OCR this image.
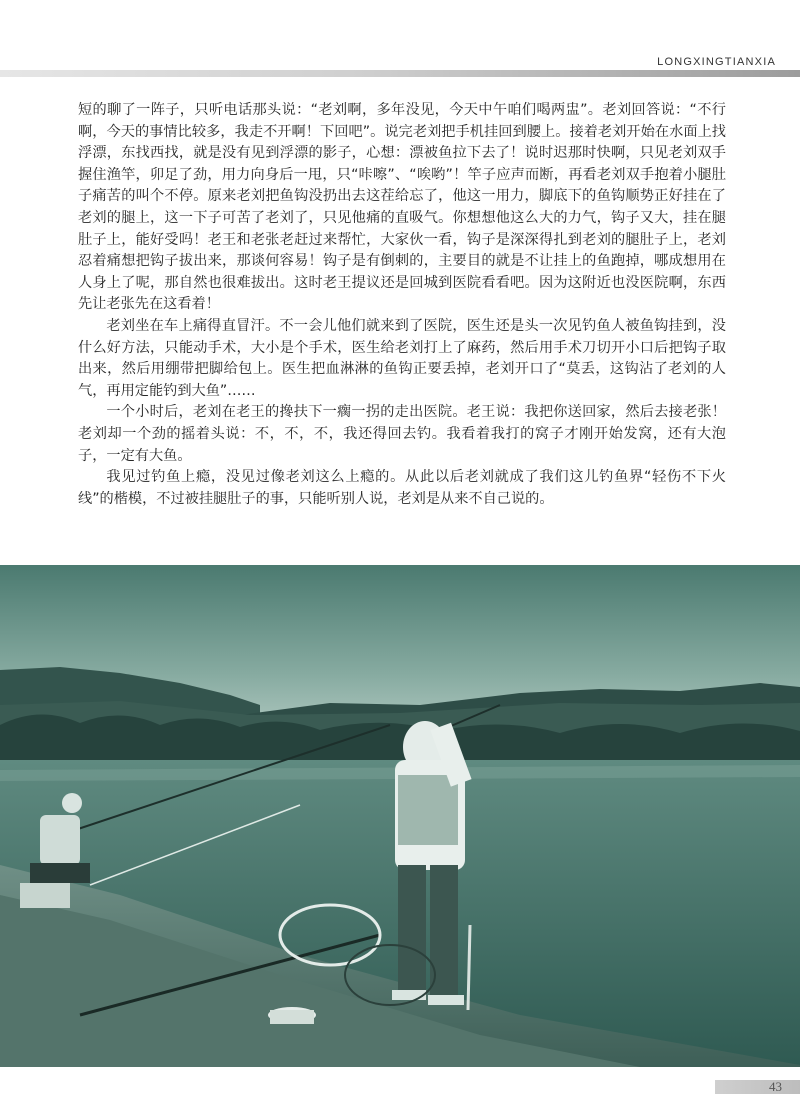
LONGXINGTIANXIA

短的聊了一阵子，只听电话那头说：“老刘啊，多年没见，今天中午咱们喝两盅”。老刘回答说：“不行啊，今天的事情比较多，我走不开啊！下回吧”。说完老刘把手机挂回到腰上。接着老刘开始在水面上找浮漂，东找西找，就是没有见到浮漂的影子，心想：漂被鱼拉下去了！说时迟那时快啊，只见老刘双手握住渔竿，卯足了劲，用力向身后一甩，只“咔嚓”、“唉哟”！竿子应声而断，再看老刘双手抱着小腿肚子痛苦的叫个不停。原来老刘把鱼钩没扔出去这茬给忘了，他这一用力，脚底下的鱼钩顺势正好挂在了老刘的腿上，这一下子可苦了老刘了，只见他痛的直吸气。你想想他这么大的力气，钩子又大，挂在腿肚子上，能好受吗！老王和老张老赶过来帮忙，大家伙一看，钩子是深深得扎到老刘的腿肚子上，老刘忍着痛想把钩子拔出来，那谈何容易！钩子是有倒刺的，主要目的就是不让挂上的鱼跑掉，哪成想用在人身上了呢，那自然也很难拔出。这时老王提议还是回城到医院看看吧。因为这附近也没医院啊，东西先让老张先在这看着！

老刘坐在车上痛得直冒汗。不一会儿他们就来到了医院，医生还是头一次见钓鱼人被鱼钩挂到，没什么好方法，只能动手术，大小是个手术，医生给老刘打上了麻药，然后用手术刀切开小口后把钩子取出来，然后用绷带把脚给包上。医生把血淋淋的鱼钩正要丢掉，老刘开口了“莫丢，这钩沾了老刘的人气，再用定能钓到大鱼”……

一个小时后，老刘在老王的搀扶下一瘸一拐的走出医院。老王说：我把你送回家，然后去接老张！老刘却一个劲的摇着头说：不，不，不，我还得回去钓。我看着我打的窝子才刚开始发窝，还有大泡子，一定有大鱼。

我见过钓鱼上瘾，没见过像老刘这么上瘾的。从此以后老刘就成了我们这儿钓鱼界“轻伤不下火线”的楷模，不过被挂腿肚子的事，只能听别人说，老刘是从来不自己说的。

43
